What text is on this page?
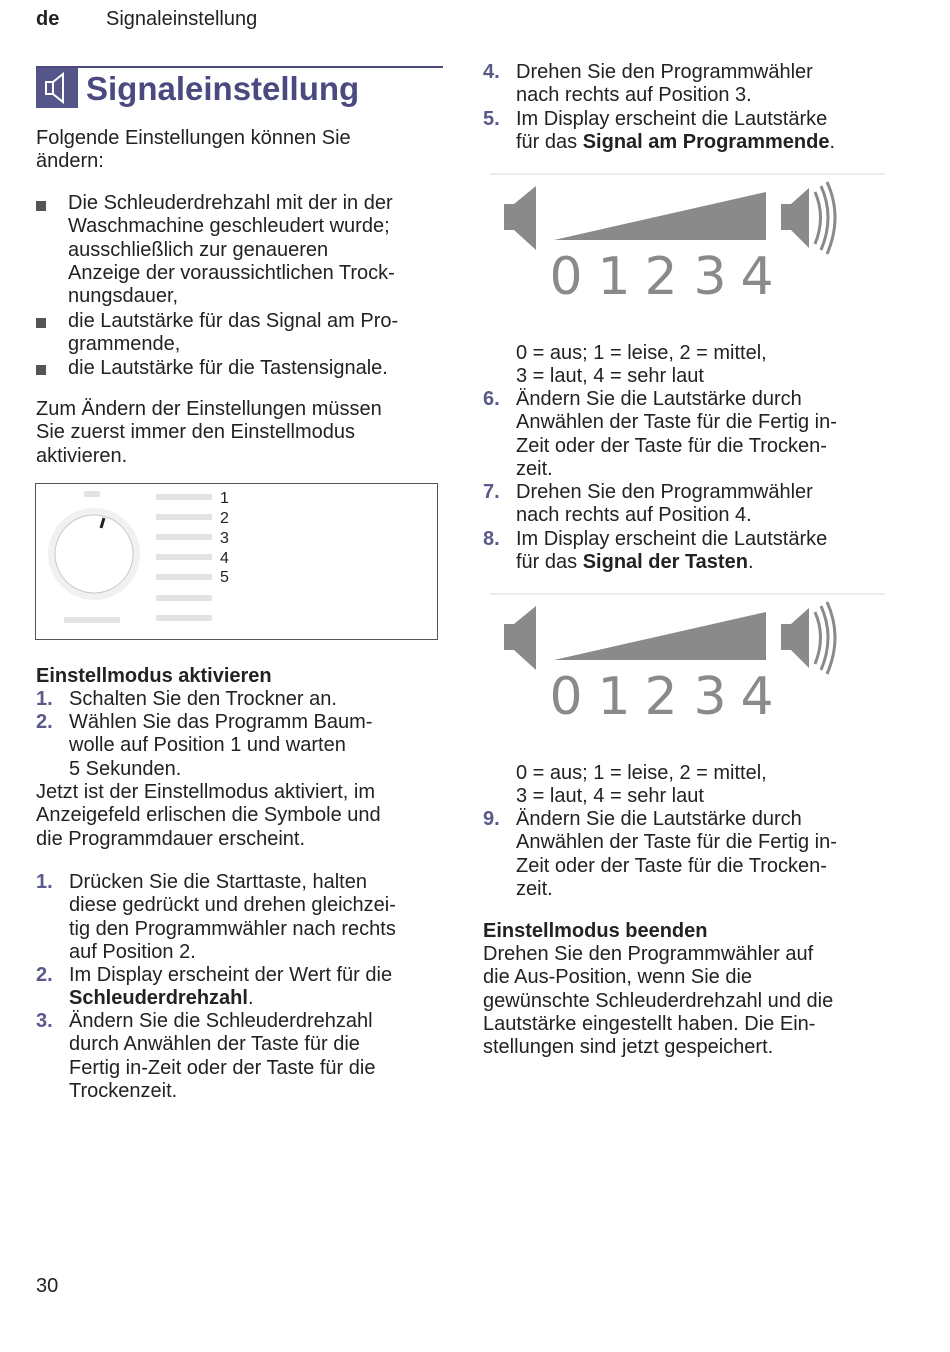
de Signaleinstellung
Signaleinstellung
Folgende Einstellungen können Sie
ändern:
Die Schleuderdrehzahl mit der in der
Waschmachine geschleudert wurde;
ausschließlich zur genaueren
Anzeige der voraussichtlichen Trock-
nungsdauer,
die Lautstärke für das Signal am Pro-
grammende,
die Lautstärke für die Tastensignale.
Zum Ändern der Einstellungen müssen
Sie zuerst immer den Einstellmodus
aktivieren.
1
2
3
4
5
Einstellmodus aktivieren
1. Schalten Sie den Trockner an.
2. Wählen Sie das Programm Baum-
wolle auf Position 1 und warten
5 Sekunden.
Jetzt ist der Einstellmodus aktiviert, im
Anzeigefeld erlischen die Symbole und
die Programmdauer erscheint.
1. Drücken Sie die Starttaste, halten
diese gedrückt und drehen gleichzei-
tig den Programmwähler nach rechts
auf Position 2.
2. Im Display erscheint der Wert für die
Schleuderdrehzahl.
3. Ändern Sie die Schleuderdrehzahl
durch Anwählen der Taste für die
Fertig in-Zeit oder der Taste für die
Trockenzeit.
4. Drehen Sie den Programmwähler
nach rechts auf Position 3.
5. Im Display erscheint die Lautstärke
für das Signal am Programmende.
0 1 2 3 4
0 = aus; 1 = leise, 2 = mittel,
3 = laut, 4 = sehr laut
6. Ändern Sie die Lautstärke durch
Anwählen der Taste für die Fertig in-
Zeit oder der Taste für die Trocken-
zeit.
7. Drehen Sie den Programmwähler
nach rechts auf Position 4.
8. Im Display erscheint die Lautstärke
für das Signal der Tasten.
0 1 2 3 4
0 = aus; 1 = leise, 2 = mittel,
3 = laut, 4 = sehr laut
9. Ändern Sie die Lautstärke durch
Anwählen der Taste für die Fertig in-
Zeit oder der Taste für die Trocken-
zeit.
Einstellmodus beenden
Drehen Sie den Programmwähler auf
die Aus-Position, wenn Sie die
gewünschte Schleuderdrehzahl und die
Lautstärke eingestellt haben. Die Ein-
stellungen sind jetzt gespeichert.
30
